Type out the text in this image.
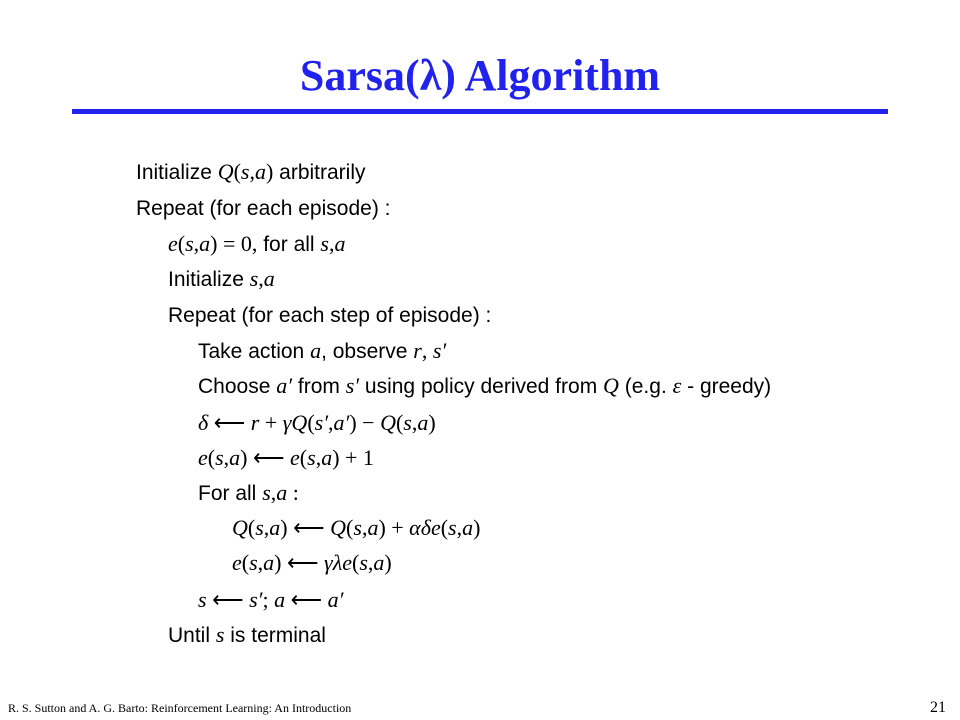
Sarsa(λ) Algorithm
Initialize Q(s,a) arbitrarily
Repeat (for each episode) :
e(s,a) = 0, for all s,a
Initialize s,a
Repeat (for each step of episode) :
Take action a, observe r, s′
Choose a′ from s′ using policy derived from Q (e.g. ε - greedy)
δ ⟵ r + γQ(s′,a′) − Q(s,a)
e(s,a) ⟵ e(s,a) + 1
For all s,a :
Q(s,a) ⟵ Q(s,a) + αδe(s,a)
e(s,a) ⟵ γλe(s,a)
s ⟵ s′; a ⟵ a′
Until s is terminal
R. S. Sutton and A. G. Barto: Reinforcement Learning: An Introduction	21
